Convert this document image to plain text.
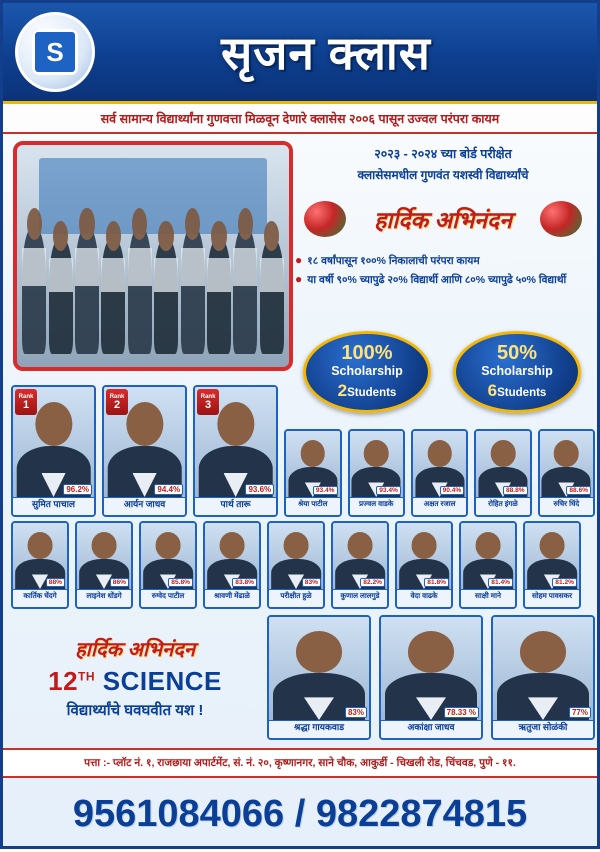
S	सृजन क्लास
सर्व सामान्य विद्यार्थ्यांना गुणवत्ता मिळवून देणारे क्लासेस २००६ पासून उज्वल परंपरा कायम
२०२३ - २०२४ च्या बोर्ड परीक्षेत
क्लासेसमधील गुणवंत यशस्वी विद्यार्थ्यांचे
हार्दिक अभिनंदन
● १८ वर्षांपासून १००% निकालाची परंपरा कायम
● या वर्षी ९०% च्यापुढे २०% विद्यार्थी आणि ८०% च्यापुढे ५०% विद्यार्थी
100%
Scholarship
2Students
50%
Scholarship
6Students
Rank
1
96.2%
सुमित पाचाल
Rank
2
94.4%
आर्यन जाधव
Rank
3
93.6%
पार्थ तारू
93.4%
श्रेया पाटील
93.4%
प्रज्वल वाडके
90.4%
अक्षत रजाल
88.8%
रोहित इंगळे
88.6%
रुचिर धिंदे
88%
कार्तिक चेंदगे
86%
लाइनेश धोंडगे
85.8%
रुग्वेद पाटील
83.8%
श्रावणी मेंढाळे
83%
परीक्षीत हुळे
82.2%
कुणाल लालगुडे
81.8%
वेदा वाढके
81.4%
साक्षी माने
81.2%
सोहम पावसकर
हार्दिक अभिनंदन
12TH SCIENCE
विद्यार्थ्यांचे घवघवीत यश !	83%
श्रद्धा गायकवाड
78.33 %
अकांक्षा जाधव
77%
ऋतुजा सोळंकी
पत्ता :- प्लॉट नं. १, राजछाया अपार्टमेंट, सं. नं. २०, कृष्णानगर, साने चौक, आकुर्डी - चिखली रोड, चिंचवड, पुणे - ११.
9561084066 / 9822874815
